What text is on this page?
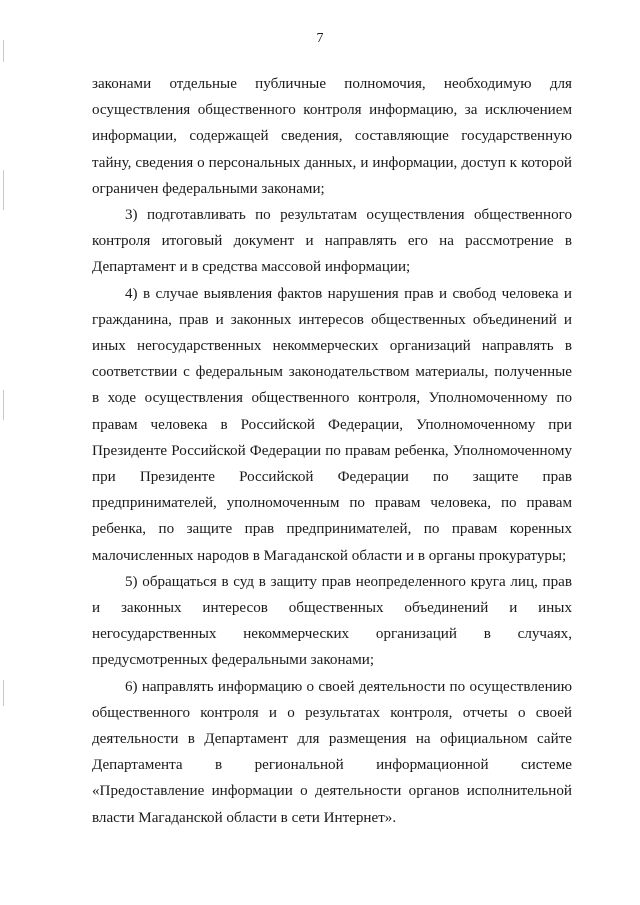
7

законами отдельные публичные полномочия, необходимую для осуществления общественного контроля информацию, за исключением информации, содержащей сведения, составляющие государственную тайну, сведения о персональных данных, и информации, доступ к которой ограничен федеральными законами;

3) подготавливать по результатам осуществления общественного контроля итоговый документ и направлять его на рассмотрение в Департамент и в средства массовой информации;

4) в случае выявления фактов нарушения прав и свобод человека и гражданина, прав и законных интересов общественных объединений и иных негосударственных некоммерческих организаций направлять в соответствии с федеральным законодательством материалы, полученные в ходе осуществления общественного контроля, Уполномоченному по правам человека в Российской Федерации, Уполномоченному при Президенте Российской Федерации по правам ребенка, Уполномоченному при Президенте Российской Федерации по защите прав предпринимателей, уполномоченным по правам человека, по правам ребенка, по защите прав предпринимателей, по правам коренных малочисленных народов в Магаданской области и в органы прокуратуры;

5) обращаться в суд в защиту прав неопределенного круга лиц, прав и законных интересов общественных объединений и иных негосударственных некоммерческих организаций в случаях, предусмотренных федеральными законами;

6) направлять информацию о своей деятельности по осуществлению общественного контроля и о результатах контроля, отчеты о своей деятельности в Департамент для размещения на официальном сайте Департамента в региональной информационной системе «Предоставление информации о деятельности органов исполнительной власти Магаданской области в сети Интернет».
